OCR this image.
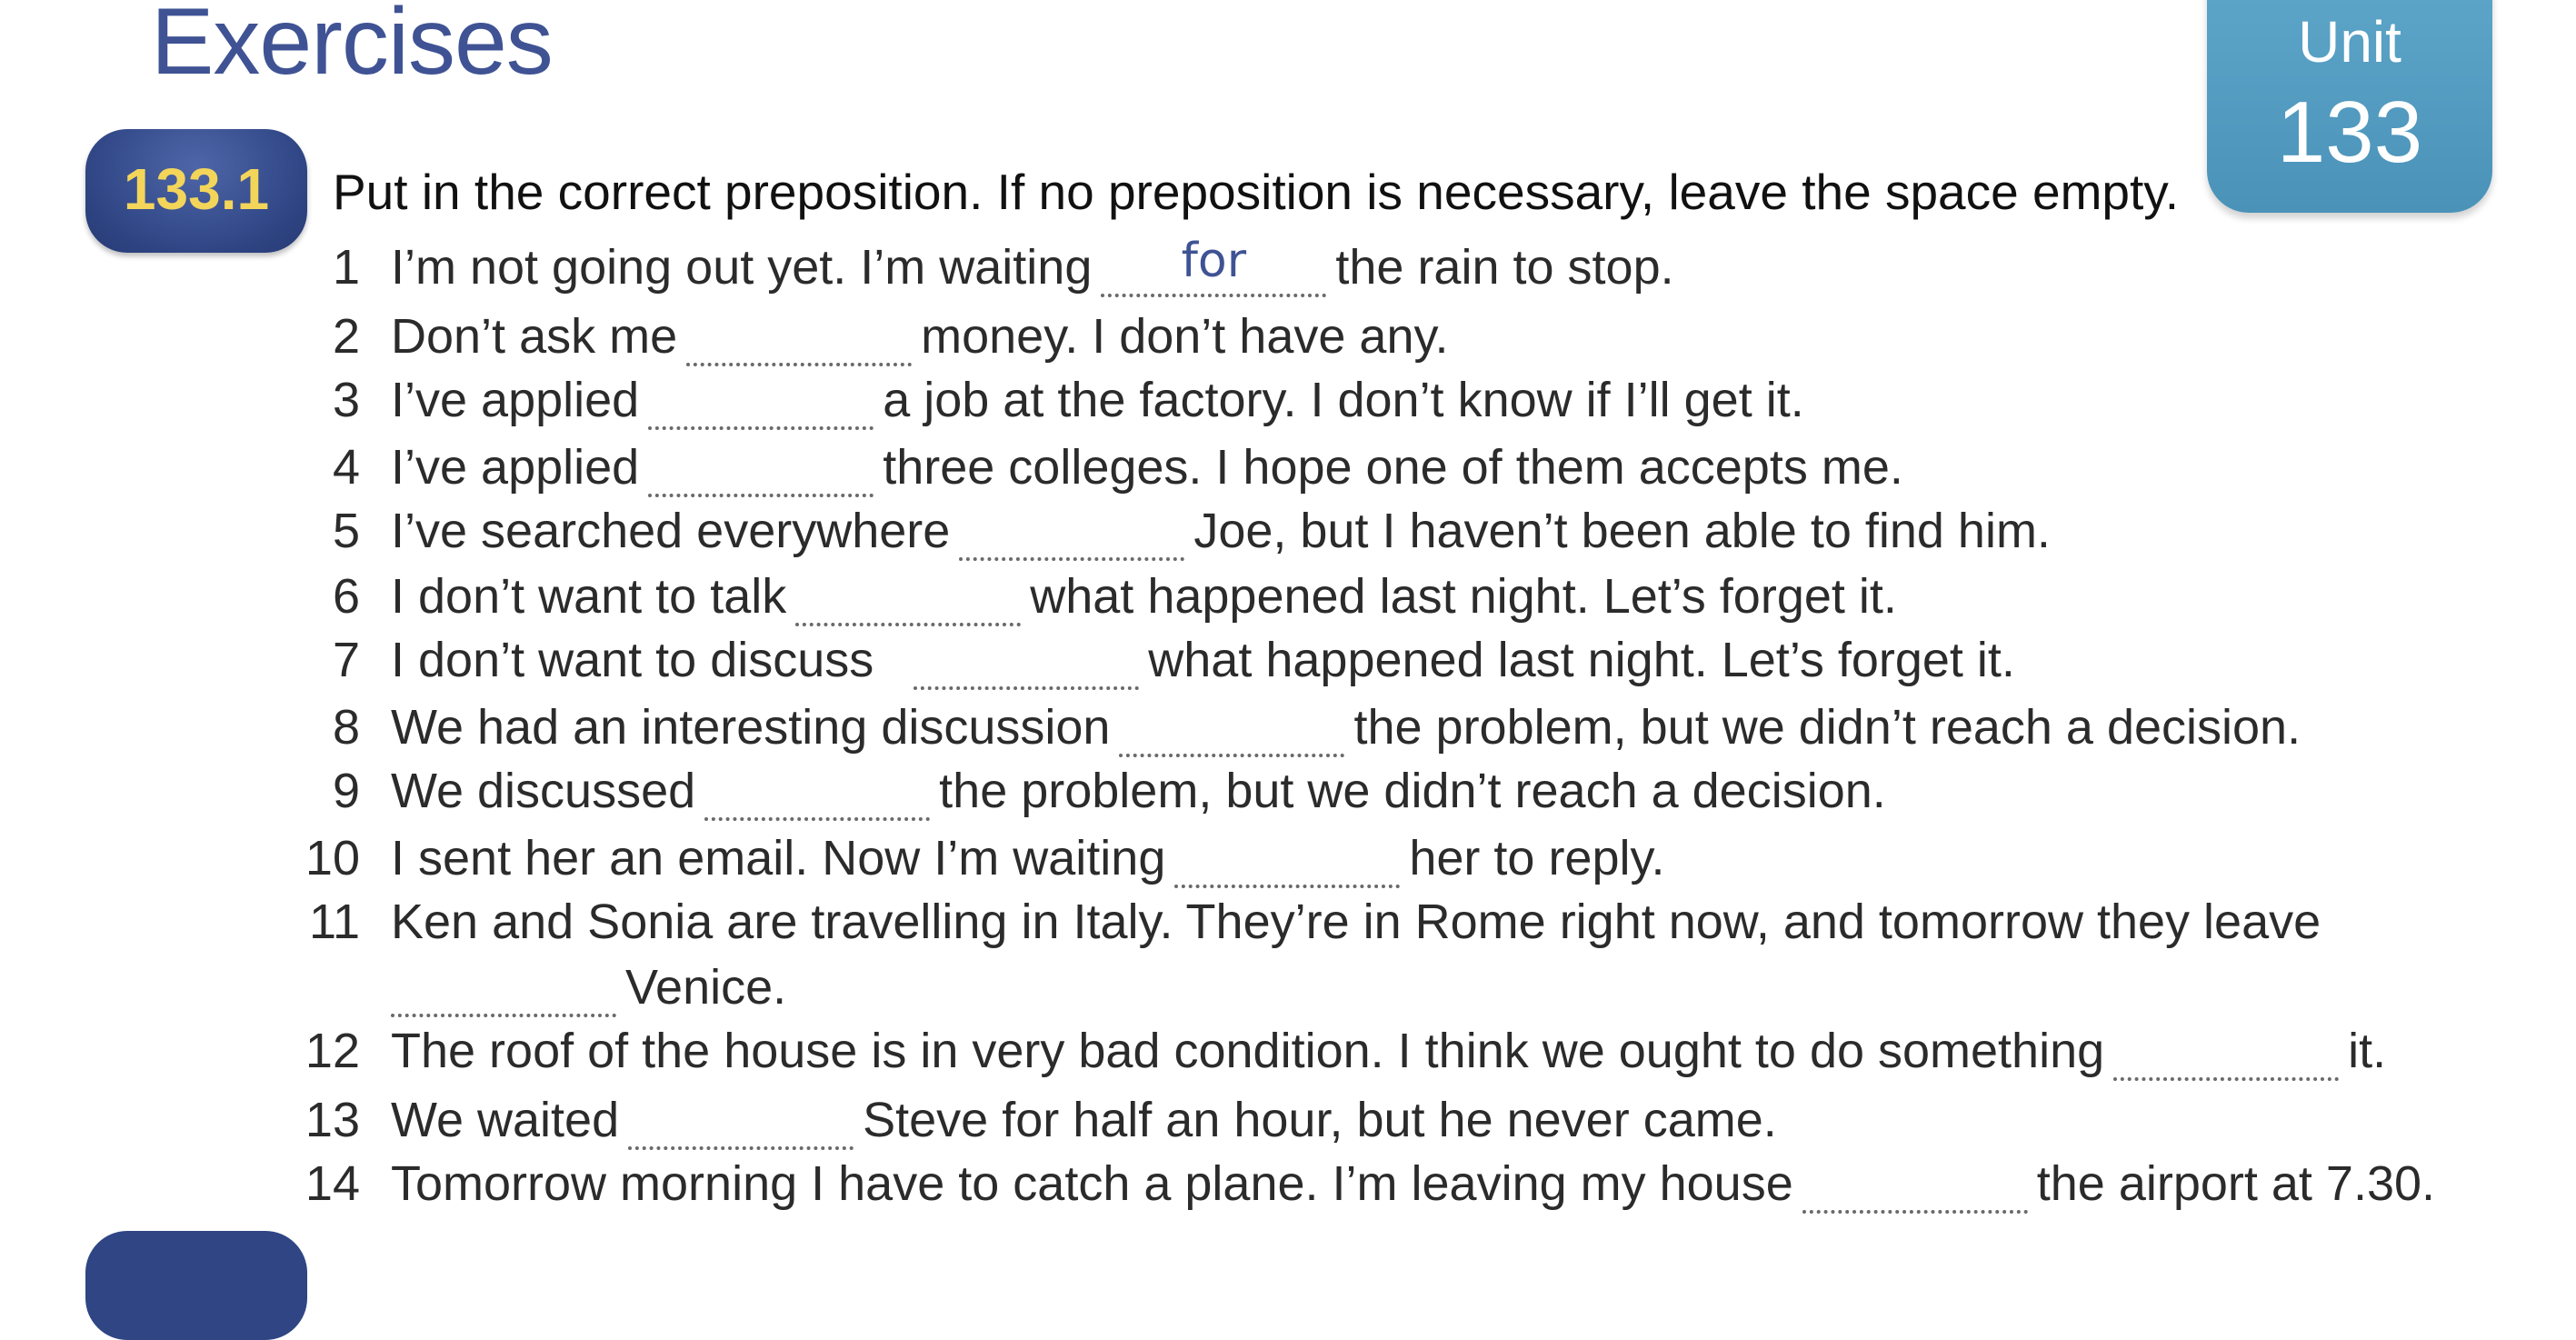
Exercises	Unit
133
133.1	Put in the correct preposition. If no preposition is necessary, leave the space empty.
1 I’m not going out yet. I’m waiting	for	the rain to stop.
2 Don’t ask me	money. I don’t have any.
3 I’ve applied	a job at the factory. I don’t know if I’ll get it.
4 I’ve applied	three colleges. I hope one of them accepts me.
5 I’ve searched everywhere	Joe, but I haven’t been able to find him.
6 I don’t want to talk	what happened last night. Let’s forget it.
7 I don’t want to discuss	what happened last night. Let’s forget it.
8 We had an interesting discussion	the problem, but we didn’t reach a decision.
9 We discussed	the problem, but we didn’t reach a decision.
10 I sent her an email. Now I’m waiting	her to reply.
11 Ken and Sonia are travelling in Italy. They’re in Rome right now, and tomorrow they leave
Venice.
12 The roof of the house is in very bad condition. I think we ought to do something	it.
13 We waited	Steve for half an hour, but he never came.
14 Tomorrow morning I have to catch a plane. I’m leaving my house	the airport at 7.30.
